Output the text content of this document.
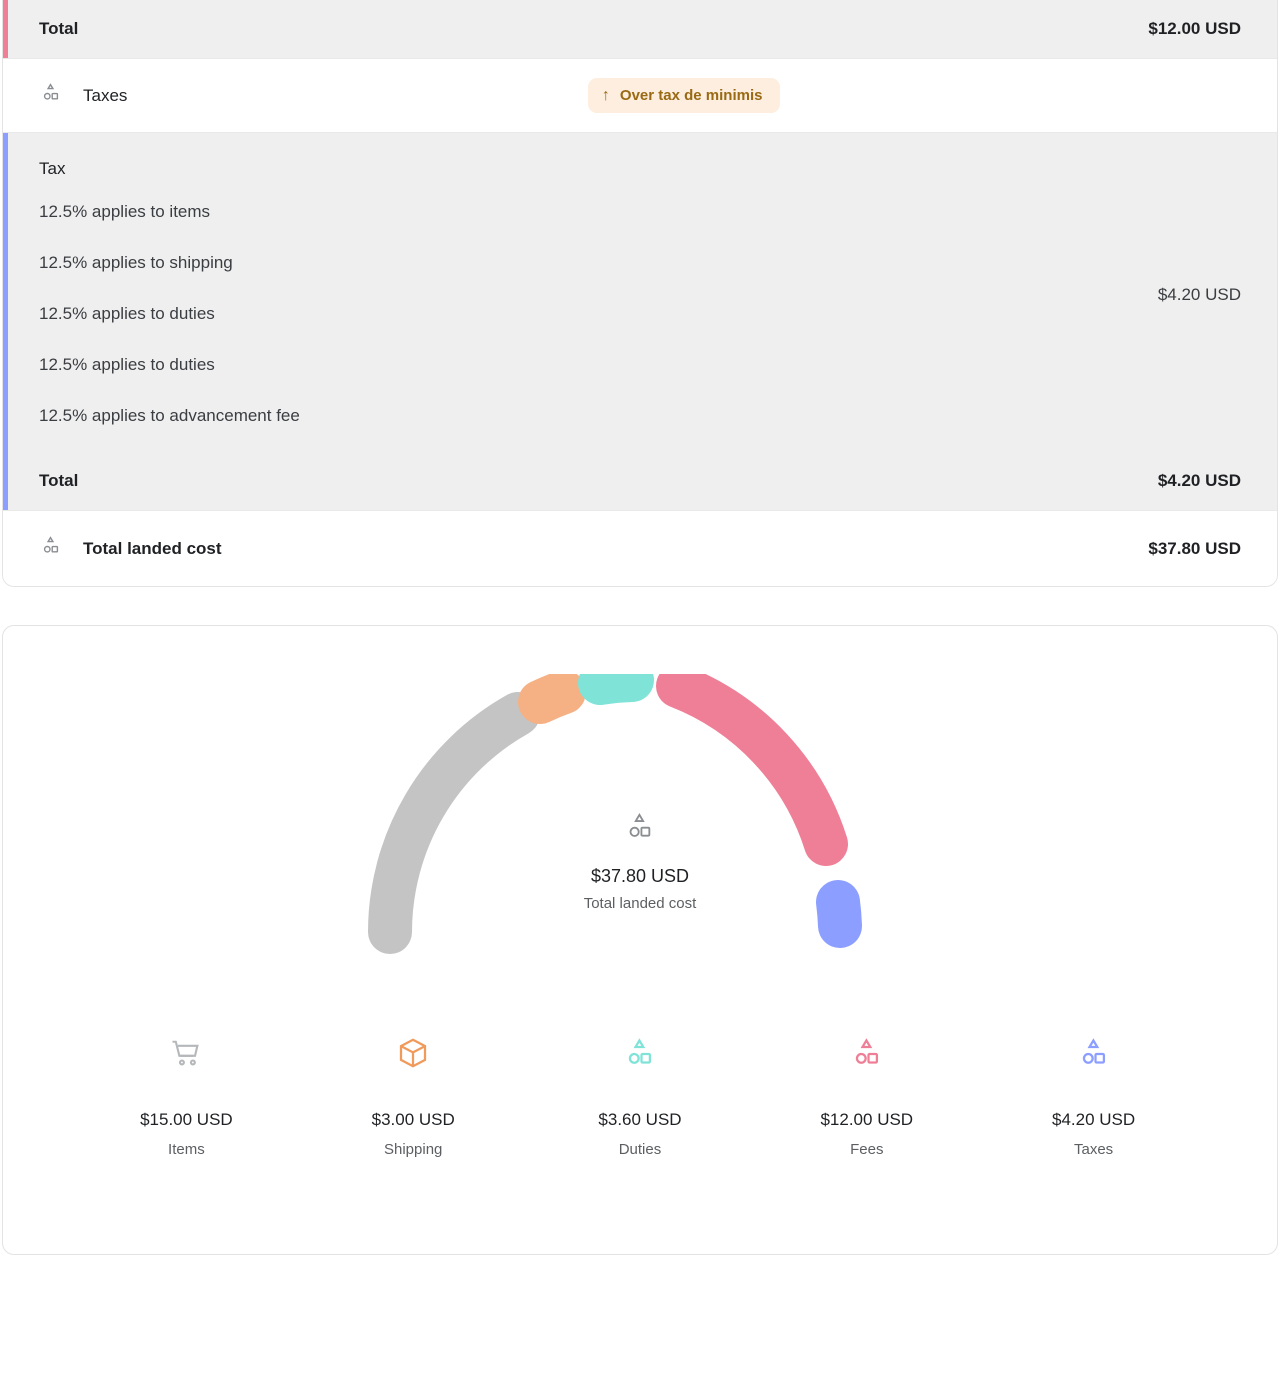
Total	$12.00 USD
Taxes	↑ Over tax de minimis
Tax
12.5% applies to items
12.5% applies to shipping
12.5% applies to duties
12.5% applies to duties
12.5% applies to advancement fee
$4.20 USD
Total	$4.20 USD
Total landed cost	$37.80 USD
$37.80 USD
Total landed cost
$15.00 USD
Items
$3.00 USD
Shipping
$3.60 USD
Duties
$12.00 USD
Fees
$4.20 USD
Taxes
